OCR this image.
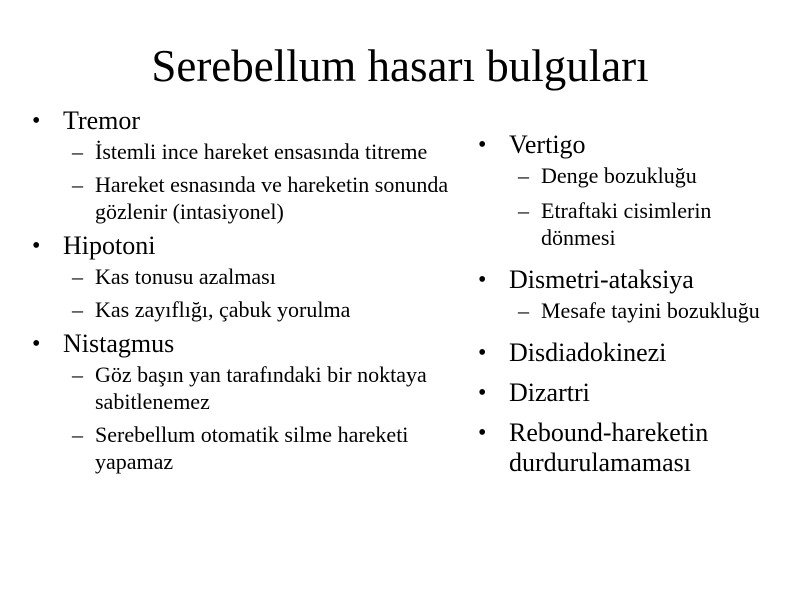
Serebellum hasarı bulguları
• Tremor
– İstemli ince hareket ensasında titreme
– Hareket esnasında ve hareketin sonunda gözlenir (intasiyonel)
• Hipotoni
– Kas tonusu azalması
– Kas zayıflığı, çabuk yorulma
• Nistagmus
– Göz başın yan tarafındaki bir noktaya sabitlenemez
– Serebellum otomatik silme hareketi yapamaz
• Vertigo
– Denge bozukluğu
– Etraftaki cisimlerin dönmesi
• Dismetri-ataksiya
– Mesafe tayini bozukluğu
• Disdiadokinezi
• Dizartri
• Rebound-hareketin durdurulamaması
